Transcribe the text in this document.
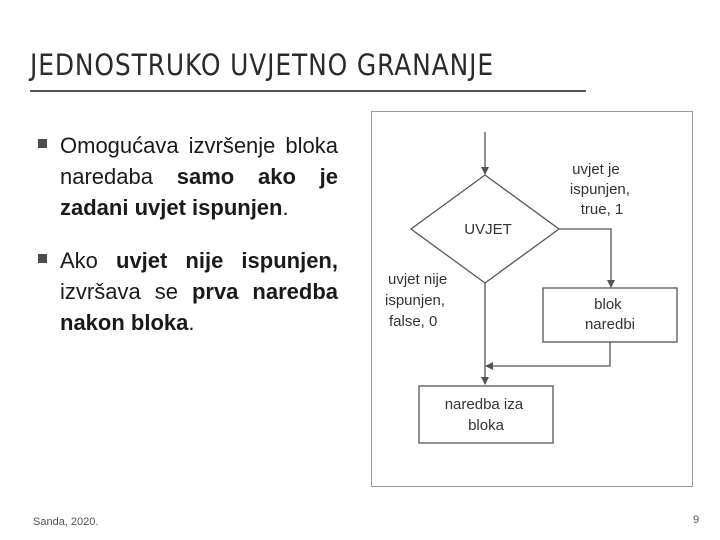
JEDNOSTRUKO UVJETNO GRANANJE
Omogućava izvršenje bloka naredaba samo ako je zadani uvjet ispunjen.
Ako uvjet nije ispunjen, izvršava se prva naredba nakon bloka.
UVJET
uvjet je ispunjen, true, 1
blok naredbi
uvjet nije ispunjen, false, 0
naredba iza bloka
Sanda, 2020.	9
